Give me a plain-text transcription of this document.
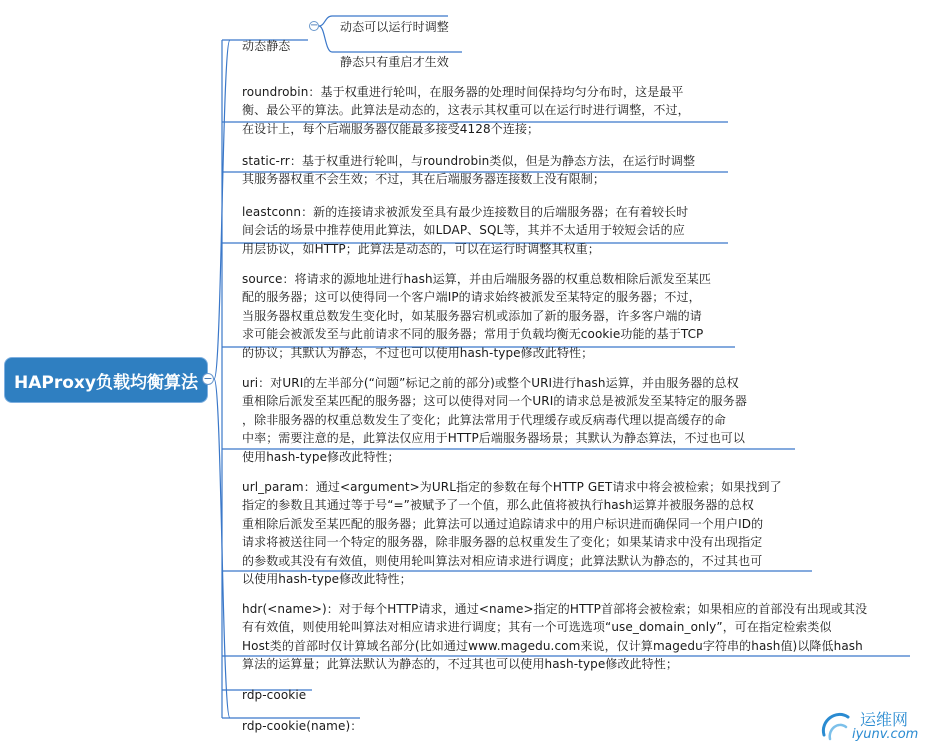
HAProxy负载均衡算法 −

动态静态

− 动态可以运行时调整

静态只有重启才生效

roundrobin：基于权重进行轮叫，在服务器的处理时间保持均匀分布时，这是最平
衡、最公平的算法。此算法是动态的，这表示其权重可以在运行时进行调整，不过，
在设计上，每个后端服务器仅能最多接受4128个连接；

static-rr：基于权重进行轮叫，与roundrobin类似，但是为静态方法，在运行时调整
其服务器权重不会生效；不过，其在后端服务器连接数上没有限制；

leastconn：新的连接请求被派发至具有最少连接数目的后端服务器；在有着较长时
间会话的场景中推荐使用此算法，如LDAP、SQL等，其并不太适用于较短会话的应
用层协议，如HTTP；此算法是动态的，可以在运行时调整其权重；

source：将请求的源地址进行hash运算，并由后端服务器的权重总数相除后派发至某匹
配的服务器；这可以使得同一个客户端IP的请求始终被派发至某特定的服务器；不过，
当服务器权重总数发生变化时，如某服务器宕机或添加了新的服务器，许多客户端的请
求可能会被派发至与此前请求不同的服务器；常用于负载均衡无cookie功能的基于TCP
的协议；其默认为静态，不过也可以使用hash-type修改此特性；

uri：对URI的左半部分(“问题”标记之前的部分)或整个URI进行hash运算，并由服务器的总权
重相除后派发至某匹配的服务器；这可以使得对同一个URI的请求总是被派发至某特定的服务器
，除非服务器的权重总数发生了变化；此算法常用于代理缓存或反病毒代理以提高缓存的命
中率；需要注意的是，此算法仅应用于HTTP后端服务器场景；其默认为静态算法，不过也可以
使用hash-type修改此特性；

url_param：通过<argument>为URL指定的参数在每个HTTP GET请求中将会被检索；如果找到了
指定的参数且其通过等于号“=”被赋予了一个值，那么此值将被执行hash运算并被服务器的总权
重相除后派发至某匹配的服务器；此算法可以通过追踪请求中的用户标识进而确保同一个用户ID的
请求将被送往同一个特定的服务器，除非服务器的总权重发生了变化；如果某请求中没有出现指定
的参数或其没有有效值，则使用轮叫算法对相应请求进行调度；此算法默认为静态的，不过其也可
以使用hash-type修改此特性；

hdr(<name>)：对于每个HTTP请求，通过<name>指定的HTTP首部将会被检索；如果相应的首部没有出现或其没
有有效值，则使用轮叫算法对相应请求进行调度；其有一个可选选项“use_domain_only”，可在指定检索类似
Host类的首部时仅计算域名部分(比如通过www.magedu.com来说，仅计算magedu字符串的hash值)以降低hash
算法的运算量；此算法默认为静态的，不过其也可以使用hash-type修改此特性；

rdp-cookie

rdp-cookie(name)：	运维网
iyunv.com
